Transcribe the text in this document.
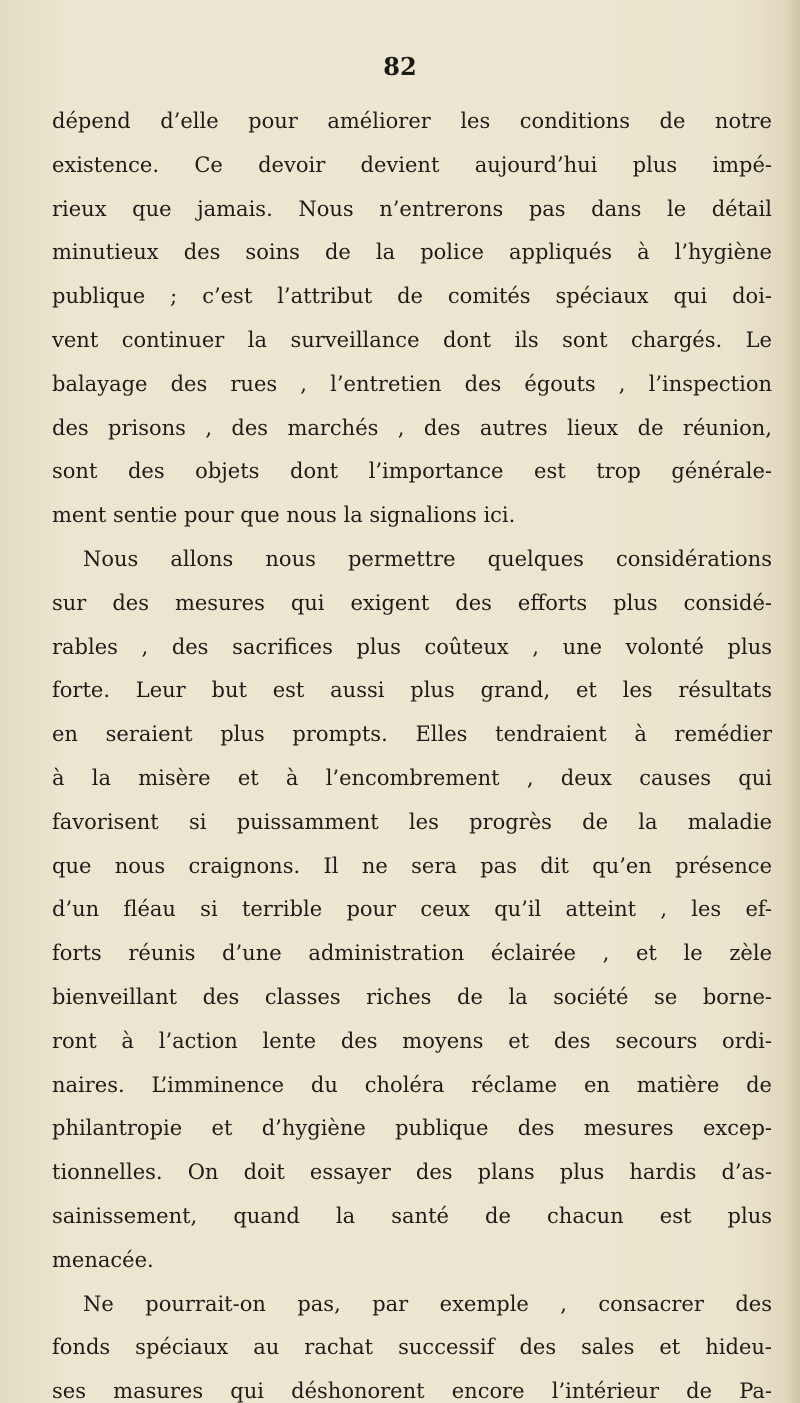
82

dépend d’elle pour améliorer les conditions de notre
existence. Ce devoir devient aujourd’hui plus impé-
rieux que jamais. Nous n’entrerons pas dans le détail
minutieux des soins de la police appliqués à l’hygiène
publique ; c’est l’attribut de comités spéciaux qui doi-
vent continuer la surveillance dont ils sont chargés. Le
balayage des rues , l’entretien des égouts , l’inspection
des prisons , des marchés , des autres lieux de réunion,
sont des objets dont l’importance est trop générale-
ment sentie pour que nous la signalions ici.
Nous allons nous permettre quelques considérations
sur des mesures qui exigent des efforts plus considé-
rables , des sacrifices plus coûteux , une volonté plus
forte. Leur but est aussi plus grand, et les résultats
en seraient plus prompts. Elles tendraient à remédier
à la misère et à l’encombrement , deux causes qui
favorisent si puissamment les progrès de la maladie
que nous craignons. Il ne sera pas dit qu’en présence
d’un fléau si terrible pour ceux qu’il atteint , les ef-
forts réunis d’une administration éclairée , et le zèle
bienveillant des classes riches de la société se borne-
ront à l’action lente des moyens et des secours ordi-
naires. L’imminence du choléra réclame en matière de
philantropie et d’hygiène publique des mesures excep-
tionnelles. On doit essayer des plans plus hardis d’as-
sainissement, quand la santé de chacun est plus
menacée.
Ne pourrait-on pas, par exemple , consacrer des
fonds spéciaux au rachat successif des sales et hideu-
ses masures qui déshonorent encore l’intérieur de Pa-
